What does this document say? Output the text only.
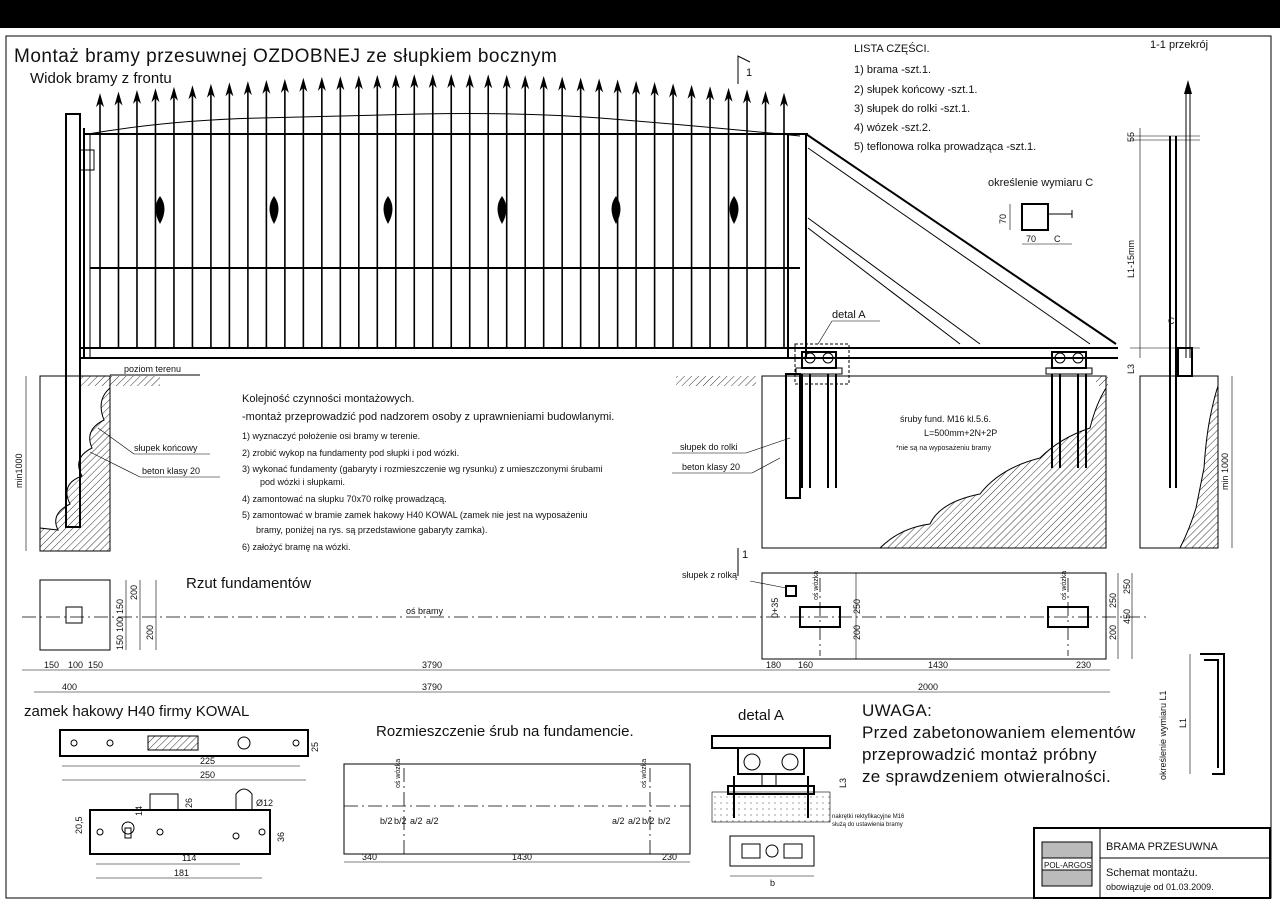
Montaż bramy przesuwnej OZDOBNEJ ze słupkiem bocznym
Widok bramy z frontu	1
1
poziom terenu
słupek końcowy
beton klasy 20
min1000
Kolejność czynności montażowych.
-montaż przeprowadzić pod nadzorem osoby z uprawnieniami budowlanymi.
1) wyznaczyć położenie osi bramy w terenie.
2) zrobić wykop na fundamenty pod słupki i pod wózki.
3) wykonać fundamenty (gabaryty i rozmieszczenie wg rysunku) z umieszczonymi śrubami
pod wózki i słupkami.
4) zamontować na słupku 70x70 rolkę prowadzącą.
5) zamontować w bramie zamek hakowy H40 KOWAL (zamek nie jest na wyposażeniu
bramy, poniżej na rys. są przedstawione gabaryty zamka).
6) założyć bramę na wózki.
detal A
słupek do rolki
beton klasy 20
śruby fund. M16 kl.5.6.
L=500mm+2N+2P
*nie są na wyposażeniu bramy
1-1 przekrój
55
L1-15mm
C
L3
min 1000
LISTA CZĘŚCI.
1) brama -szt.1.
2) słupek końcowy -szt.1.
3) słupek do rolki -szt.1.
4) wózek -szt.2.
5) teflonowa rolka prowadząca -szt.1.
określenie wymiaru C
70
70 C
Rzut fundamentów
oś bramy
słupek z rolką	oś wózka	oś wózka
150
100
150
200
200
0+35	250
200
250
200
250
450
150 100 150	3790	180 160	1430	230
400	3790	2000
określenie wymiaru L1 L1
zamek hakowy H40 firmy KOWAL
225
250
25
114
181
14
26	Ø12
20,5
36
Rozmieszczenie śrub na fundamencie.
b/2 b/2 a/2 a/2	a/2 a/2 b/2 b/2
oś wózka	oś wózka
340	1430	230
detal A
L3
nakrętki rektyfikacyjne M16
służą do ustawienia bramy
b
UWAGA:
Przed zabetonowaniem elementów
przeprowadzić montaż próbny
ze sprawdzeniem otwieralności.
POL-ARGOS
BRAMA PRZESUWNA
Schemat montażu.
obowiązuje od 01.03.2009.
